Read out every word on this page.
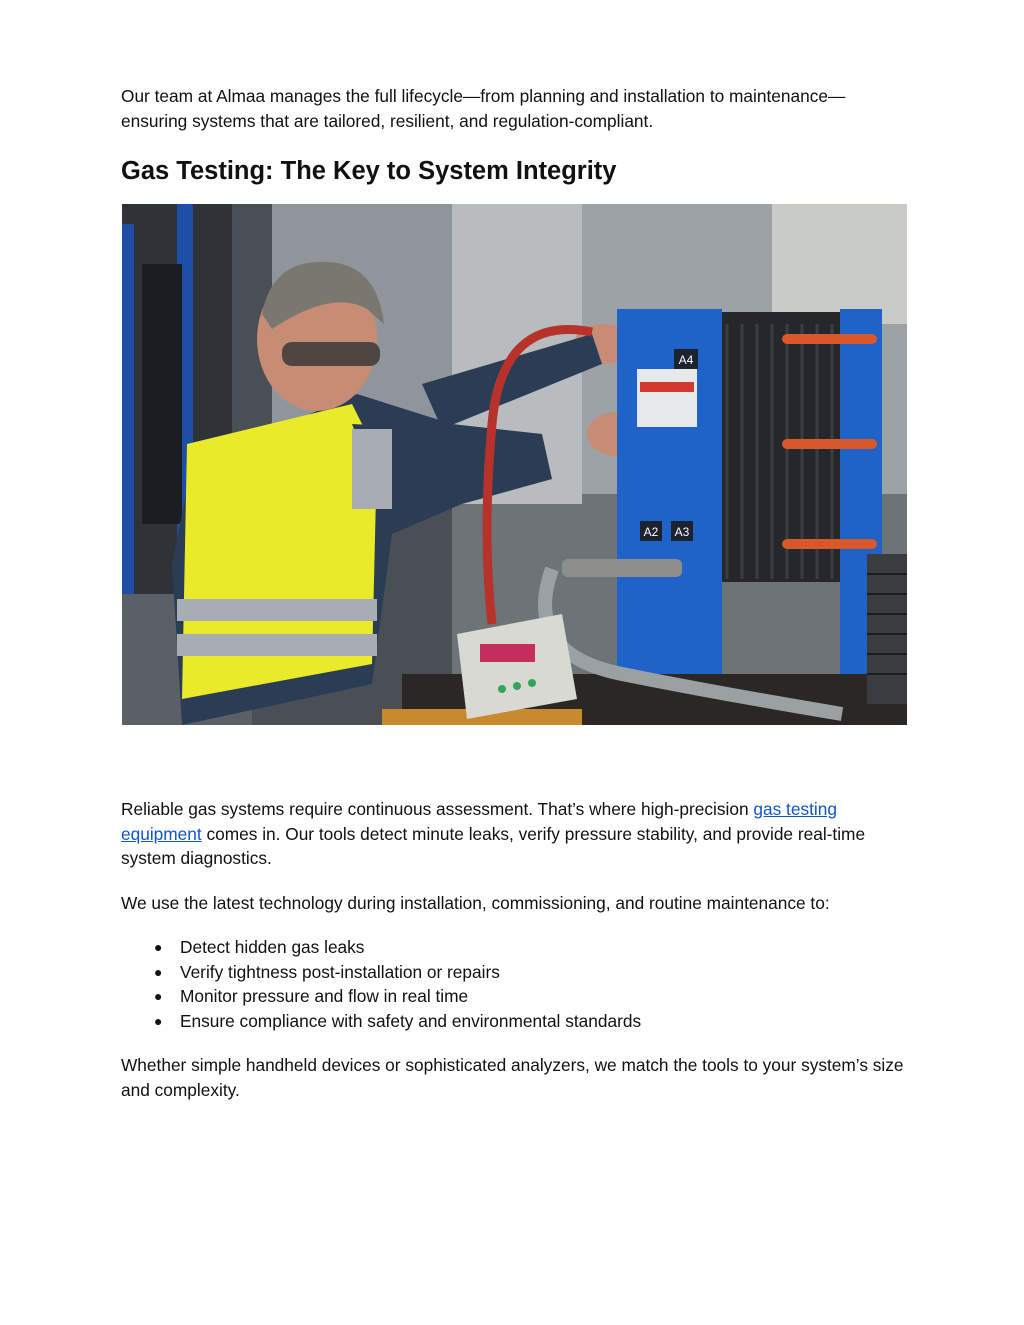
Our team at Almaa manages the full lifecycle—from planning and installation to maintenance—ensuring systems that are tailored, resilient, and regulation-compliant.

Gas Testing: The Key to System Integrity
A4
A2 A3

Reliable gas systems require continuous assessment. That’s where high-precision gas testing equipment comes in. Our tools detect minute leaks, verify pressure stability, and provide real-time system diagnostics.

We use the latest technology during installation, commissioning, and routine maintenance to:

● Detect hidden gas leaks
● Verify tightness post-installation or repairs
● Monitor pressure and flow in real time
● Ensure compliance with safety and environmental standards

Whether simple handheld devices or sophisticated analyzers, we match the tools to your system’s size and complexity.
